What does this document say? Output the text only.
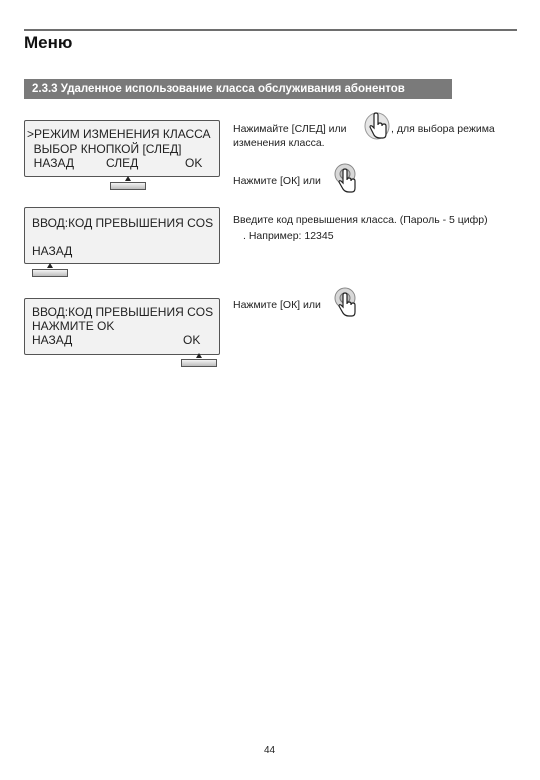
Меню
2.3.3 Удаленное использование класса обслуживания абонентов
>РЕЖИМ ИЗМЕНЕНИЯ КЛАССА
ВЫБОР КНОПКОЙ [СЛЕД]
НАЗАД	СЛЕД	OK
Нажимайте [СЛЕД] или	, для выбора режима
изменения класса.
Нажмите [ОК] или
ВВОД:КОД ПРЕВЫШЕНИЯ COS
НАЗАД
Введите код превышения класса. (Пароль - 5 цифр)
. Например: 12345
ВВОД:КОД ПРЕВЫШЕНИЯ COS
НАЖМИТЕ OK
НАЗАД	OK
Нажмите [ОК] или
44
